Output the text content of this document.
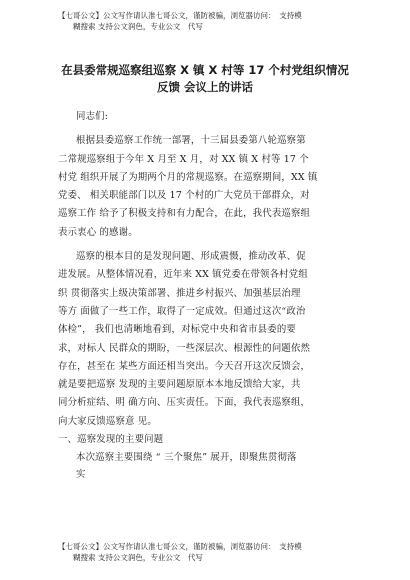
【七哥公文】公文写作请认准七哥公文，谨防被骗，浏览器访问：　支持模
糊搜索 支持公文润色，专业公文　代写
在县委常规巡察组巡察 X 镇 X 村等 17 个村党组织情况
反馈 会议上的讲话
同志们:
根据县委巡察工作统一部署，十三届县委第八轮巡察第
二常规巡察组于今年 X 月至 X 月，对 XX 镇 X 村等 17 个
村党 组织开展了为期两个月的常规巡察。在巡察期间，XX 镇
党委、 相关职能部门以及 17 个村的广大党员干部群众，对
巡察工作 给予了积极支持和有力配合，在此，我代表巡察组
表示衷心 的感谢。
巡察的根本目的是发现问题、形成震慑，推动改革、促
进发展。从整体情况看，近年来 XX 镇党委在带领各村党组
织 贯彻落实上级决策部署、推进乡村振兴、加强基层治理
等方 面做了一些工作，取得了一定成效。但通过这次“政治
体检”， 我们也清晰地看到，对标党中央和省市县委的要
求，对标人 民群众的期盼，一些深层次、根源性的问题依然
存在，甚至在 某些方面还相当突出。今天召开这次反馈会，
就是要把巡察 发现的主要问题原原本本地反馈给大家，共
同分析症结、明 确方向、压实责任。下面，我代表巡察组，
向大家反馈巡察意 见。
一、巡察发现的主要问题
本次巡察主要围绕 “ 三个聚焦” 展开，即聚焦贯彻落
实
【七哥公文】公文写作请认准七哥公文，谨防被骗，浏览器访问：　支持模
糊搜索 支持公文润色，专业公文　代写
